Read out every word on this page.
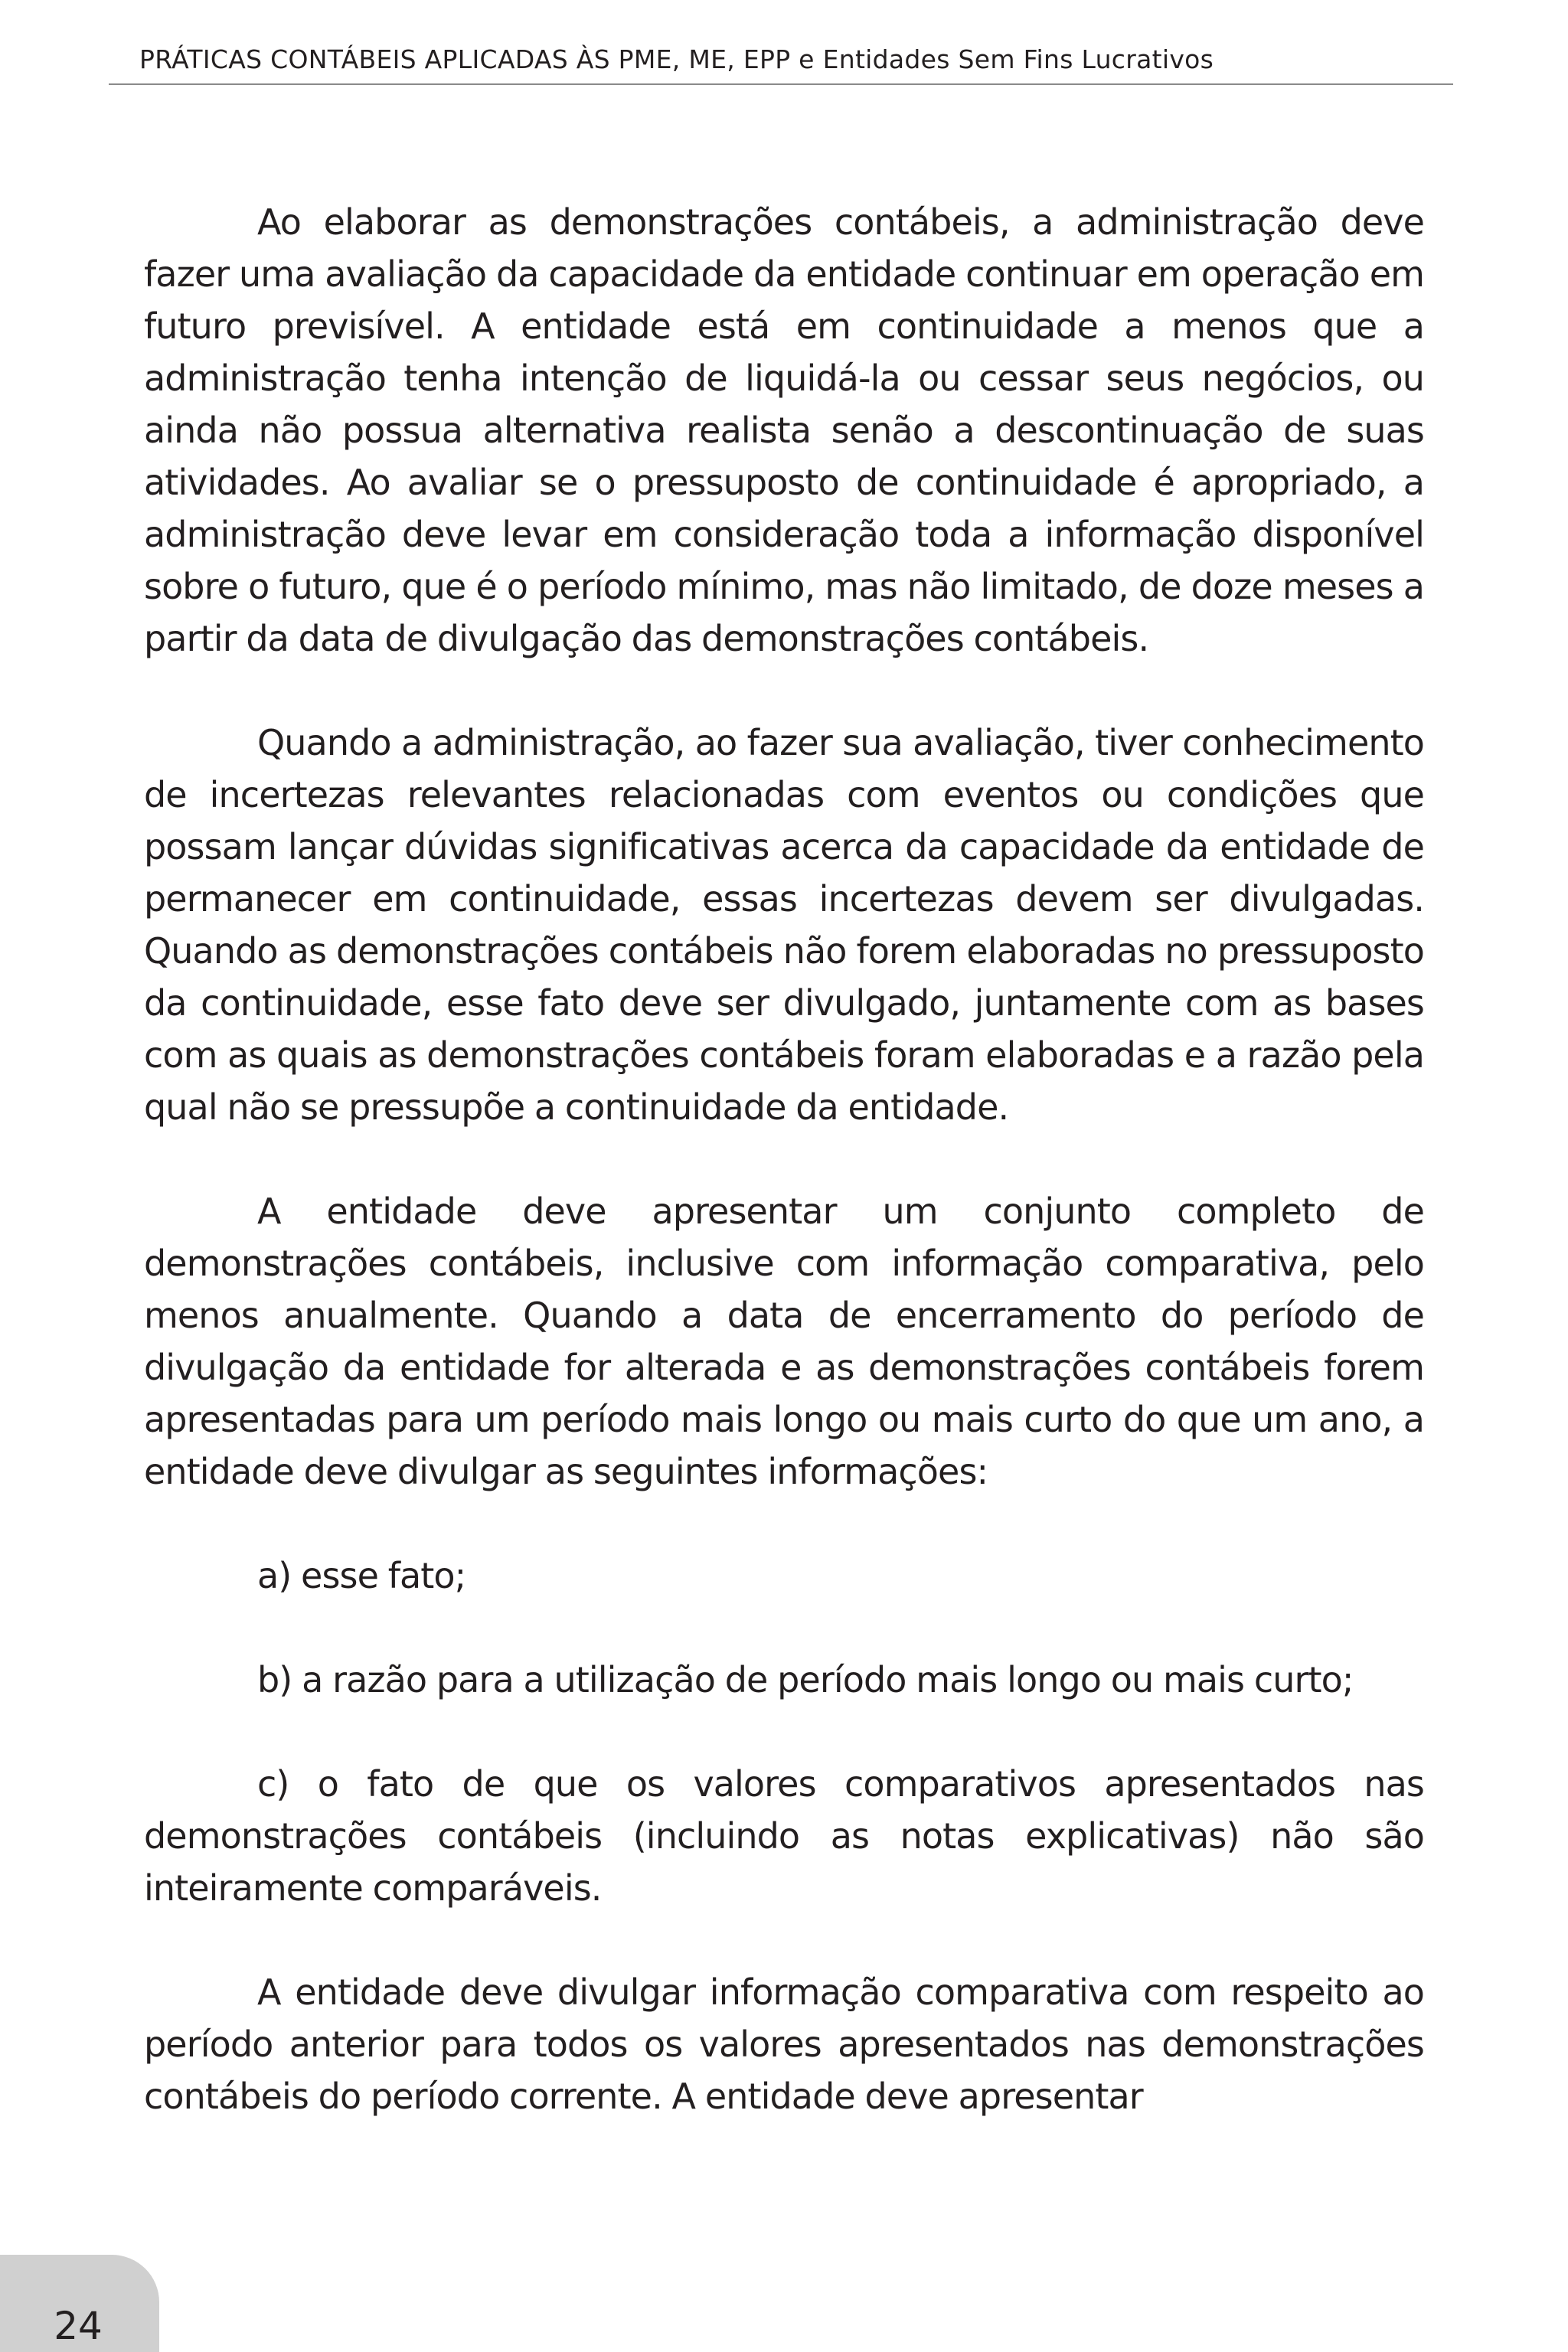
PRÁTICAS CONTÁBEIS APLICADAS ÀS PME, ME, EPP e Entidades Sem Fins Lucrativos

Ao elaborar as demonstrações contábeis, a administração deve fazer uma avaliação da capacidade da entidade continuar em operação em futuro previsível. A entidade está em continuidade a menos que a administração tenha intenção de liquidá-la ou cessar seus negócios, ou ainda não possua alternativa realista senão a descontinuação de suas atividades. Ao avaliar se o pressuposto de continuidade é apropriado, a administração deve levar em consideração toda a informação disponível sobre o futuro, que é o período mínimo, mas não limitado, de doze meses a partir da data de divulgação das demonstrações contábeis.

Quando a administração, ao fazer sua avaliação, tiver conhecimento de incertezas relevantes relacionadas com eventos ou condições que possam lançar dúvidas significativas acerca da capacidade da entidade de permanecer em continuidade, essas incertezas devem ser divulgadas. Quando as demonstrações contábeis não forem elaboradas no pressuposto da continuidade, esse fato deve ser divulgado, juntamente com as bases com as quais as demonstrações contábeis foram elaboradas e a razão pela qual não se pressupõe a continuidade da entidade.

A entidade deve apresentar um conjunto completo de demonstrações contábeis, inclusive com informação comparativa, pelo menos anualmente. Quando a data de encerramento do período de divulgação da entidade for alterada e as demonstrações contábeis forem apresentadas para um período mais longo ou mais curto do que um ano, a entidade deve divulgar as seguintes informações:

a) esse fato;

b) a razão para a utilização de período mais longo ou mais curto;

c) o fato de que os valores comparativos apresentados nas demonstrações contábeis (incluindo as notas explicativas) não são inteiramente comparáveis.

A entidade deve divulgar informação comparativa com respeito ao período anterior para todos os valores apresentados nas demonstrações contábeis do período corrente. A entidade deve apresentar

24
